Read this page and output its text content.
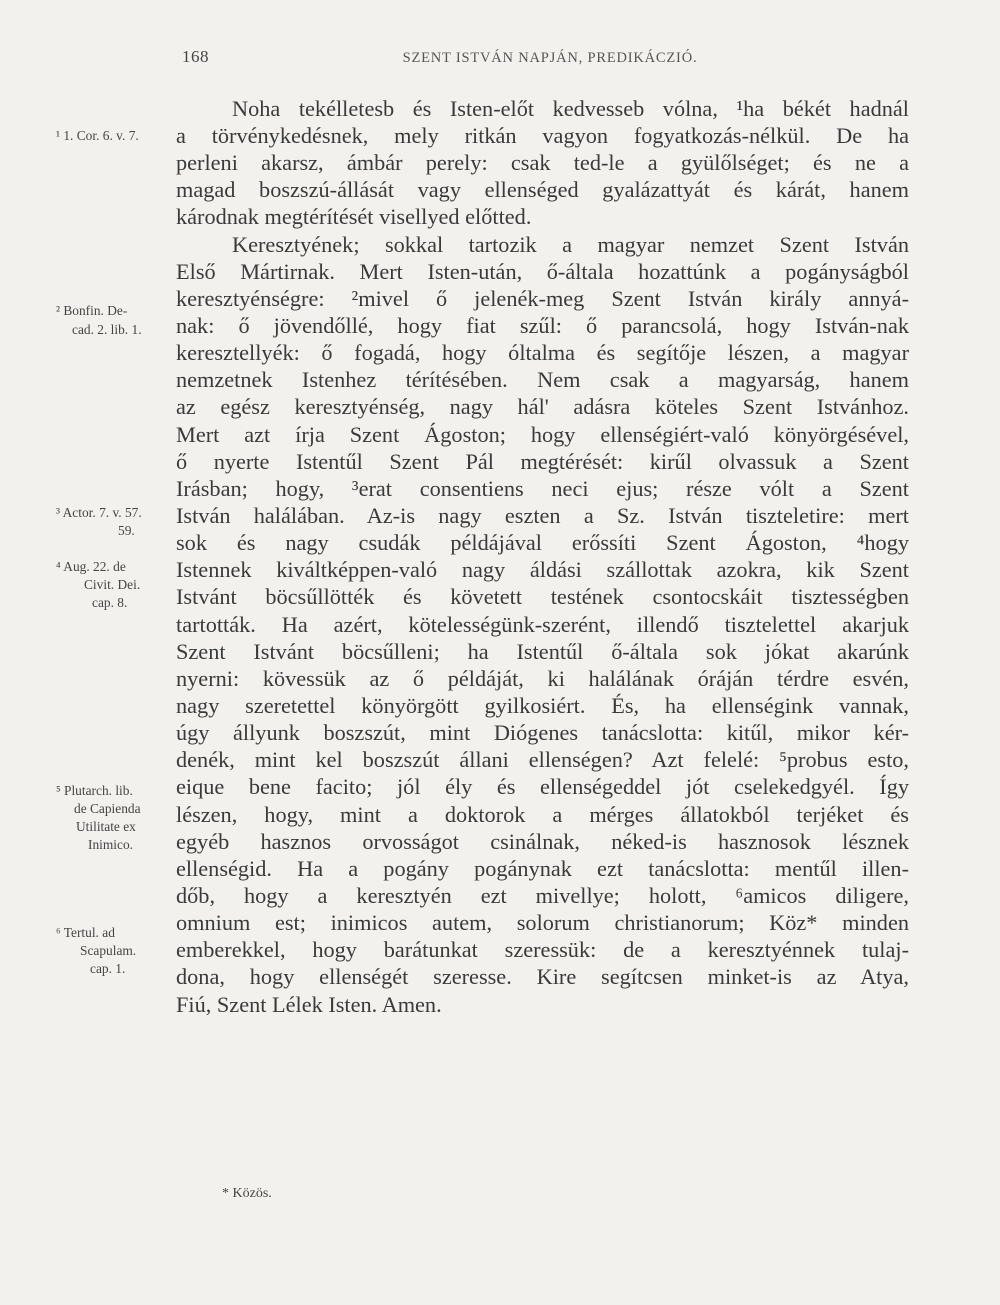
168	SZENT ISTVÁN NAPJÁN, PREDIKÁCZIÓ.
Noha tekélletesb és Isten-előt kedvesseb vólna, ¹ha békét hadnál
a törvénykedésnek, mely ritkán vagyon fogyatkozás-nélkül. De ha
perleni akarsz, ámbár perely: csak ted-le a gyülőlséget; és ne a
magad boszszú-állását vagy ellenséged gyalázattyát és kárát, hanem
károdnak megtérítését visellyed előtted.
Keresztyének; sokkal tartozik a magyar nemzet Szent István
Első Mártirnak. Mert Isten-után, ő-általa hozattúnk a pogányságból
keresztyénségre: ²mivel ő jelenék-meg Szent István király annyá-
nak: ő jövendőllé, hogy fiat szűl: ő parancsolá, hogy István-nak
keresztellyék: ő fogadá, hogy óltalma és segítője lészen, a magyar
nemzetnek Istenhez térítésében. Nem csak a magyarság, hanem
az egész keresztyénség, nagy hál' adásra köteles Szent Istvánhoz.
Mert azt írja Szent Ágoston; hogy ellenségiért-való könyörgésével,
ő nyerte Istentűl Szent Pál megtérését: kirűl olvassuk a Szent
Irásban; hogy, ³erat consentiens neci ejus; része vólt a Szent
István halálában. Az-is nagy eszten a Sz. István tiszteletire: mert
sok és nagy csudák példájával erőssíti Szent Ágoston, ⁴hogy
Istennek kiváltképpen-való nagy áldási szállottak azokra, kik Szent
Istvánt böcsűllötték és követett testének csontocskáit tisztességben
tartották. Ha azért, kötelességünk-szerént, illendő tisztelettel akarjuk
Szent Istvánt böcsűlleni; ha Istentűl ő-általa sok jókat akarúnk
nyerni: kövessük az ő példáját, ki halálának óráján térdre esvén,
nagy szeretettel könyörgött gyilkosiért. És, ha ellenségink vannak,
úgy állyunk boszszút, mint Diógenes tanácslotta: kitűl, mikor kér-
denék, mint kel boszszút állani ellenségen? Azt felelé: ⁵probus esto,
eique bene facito; jól ély és ellenségeddel jót cselekedgyél. Így
lészen, hogy, mint a doktorok a mérges állatokból terjéket és
egyéb hasznos orvosságot csinálnak, néked-is hasznosok lésznek
ellenségid. Ha a pogány pogánynak ezt tanácslotta: mentűl illen-
dőb, hogy a keresztyén ezt mivellye; holott, ⁶amicos diligere,
omnium est; inimicos autem, solorum christianorum; Köz* minden
emberekkel, hogy barátunkat szeressük: de a keresztyénnek tulaj-
dona, hogy ellenségét szeresse. Kire segítcsen minket-is az Atya,
Fiú, Szent Lélek Isten. Amen.
¹ 1. Cor. 6. v. 7.
² Bonfin. De-
cad. 2. lib. 1.
³ Actor. 7. v. 57.
59.
⁴ Aug. 22. de
Civit. Dei.
cap. 8.
⁵ Plutarch. lib.
de Capienda
Utilitate ex
Inimico.
⁶ Tertul. ad
Scapulam.
cap. 1.
* Közös.
